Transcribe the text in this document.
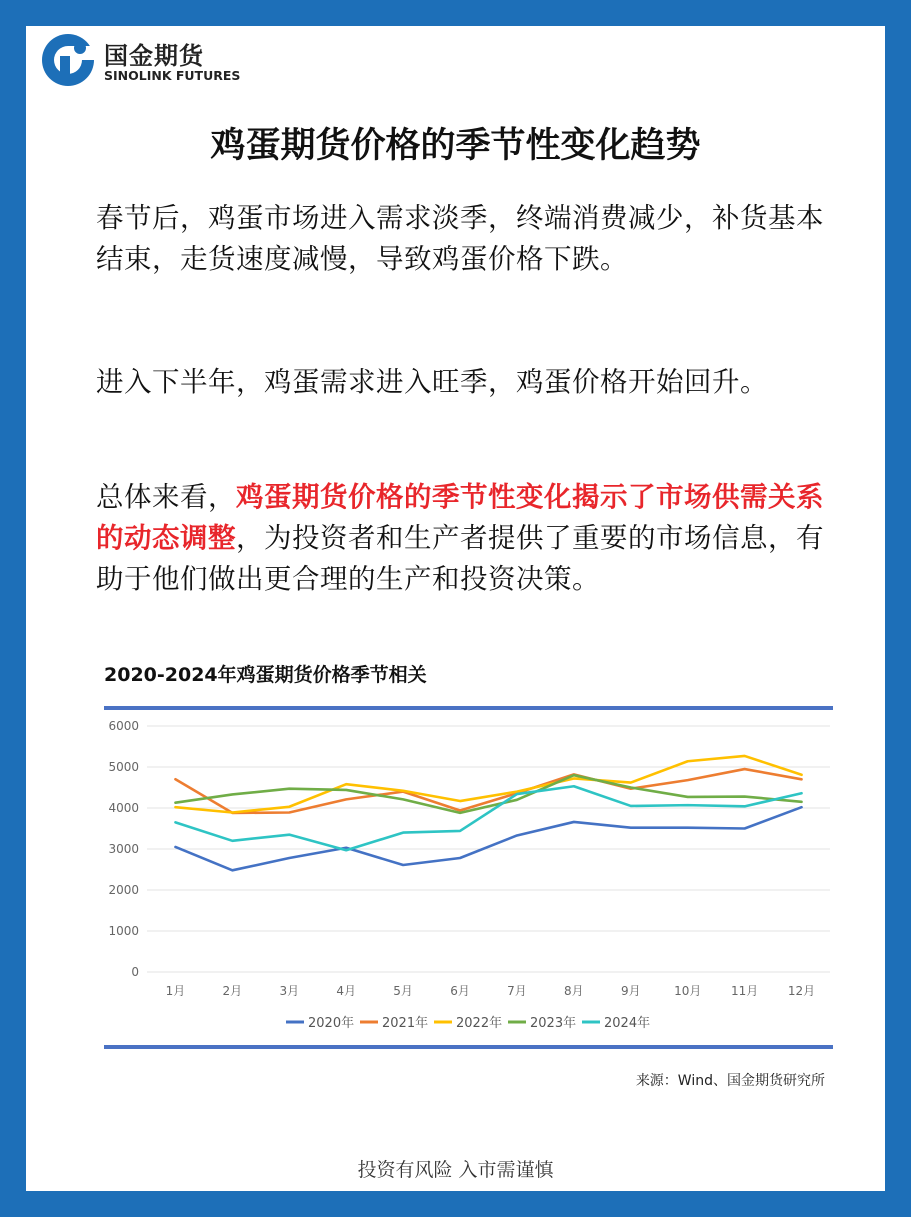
国金期货
SINOLINK FUTURES
鸡蛋期货价格的季节性变化趋势
春节后，鸡蛋市场进入需求淡季，终端消费减少，补货基本结束，走货速度减慢，导致鸡蛋价格下跌。
进入下半年，鸡蛋需求进入旺季，鸡蛋价格开始回升。
总体来看，鸡蛋期货价格的季节性变化揭示了市场供需关系的动态调整，为投资者和生产者提供了重要的市场信息，有助于他们做出更合理的生产和投资决策。
2020-2024年鸡蛋期货价格季节相关
0
1000
2000
3000
4000
5000
6000
1月	2月	3月	4月	5月	6月	7月	8月	9月	10月 11月 12月
2020年 2021年 2022年 2023年 2024年
来源：Wind、国金期货研究所
投资有风险 入市需谨慎
